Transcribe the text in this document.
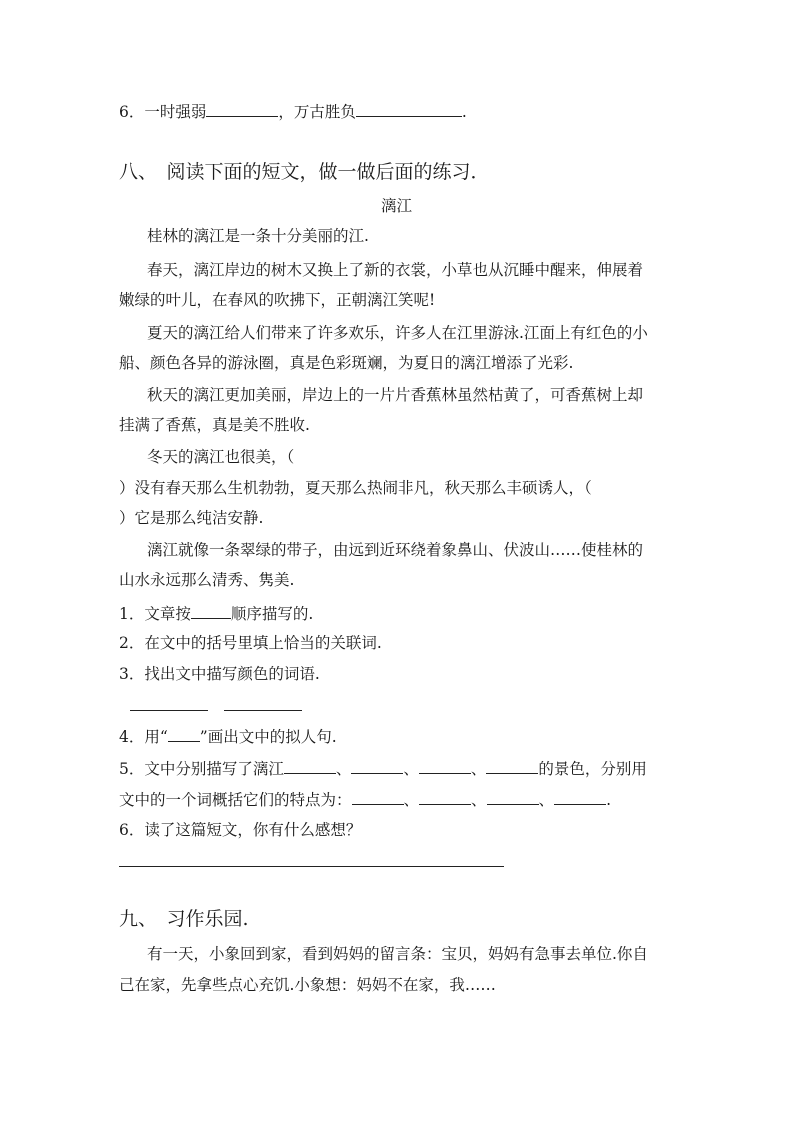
6．一时强弱	，万古胜负	.
八、　阅读下面的短文，做一做后面的练习．
漓江
桂林的漓江是一条十分美丽的江.
春天，漓江岸边的树木又换上了新的衣裳，小草也从沉睡中醒来，伸展着
嫩绿的叶儿，在春风的吹拂下，正朝漓江笑呢!
夏天的漓江给人们带来了许多欢乐，许多人在江里游泳.江面上有红色的小
船、颜色各异的游泳圈，真是色彩斑斓，为夏日的漓江增添了光彩.
秋天的漓江更加美丽，岸边上的一片片香蕉林虽然枯黄了，可香蕉树上却
挂满了香蕉，真是美不胜收.
冬天的漓江也很美，（
）没有春天那么生机勃勃，夏天那么热闹非凡，秋天那么丰硕诱人，（
）它是那么纯洁安静.
漓江就像一条翠绿的带子，由远到近环绕着象鼻山、伏波山……使桂林的
山水永远那么清秀、隽美.
1．文章按	顺序描写的.
2．在文中的括号里填上恰当的关联词.
3．找出文中描写颜色的词语.
4．用“ ”画出文中的拟人句.
5．文中分别描写了漓江	、	、	、	的景色，分别用
文中的一个词概括它们的特点为：	、	、	、	.
6．读了这篇短文，你有什么感想？
九、　习作乐园.
有一天，小象回到家，看到妈妈的留言条：宝贝，妈妈有急事去单位.你自
己在家，先拿些点心充饥.小象想：妈妈不在家，我……
